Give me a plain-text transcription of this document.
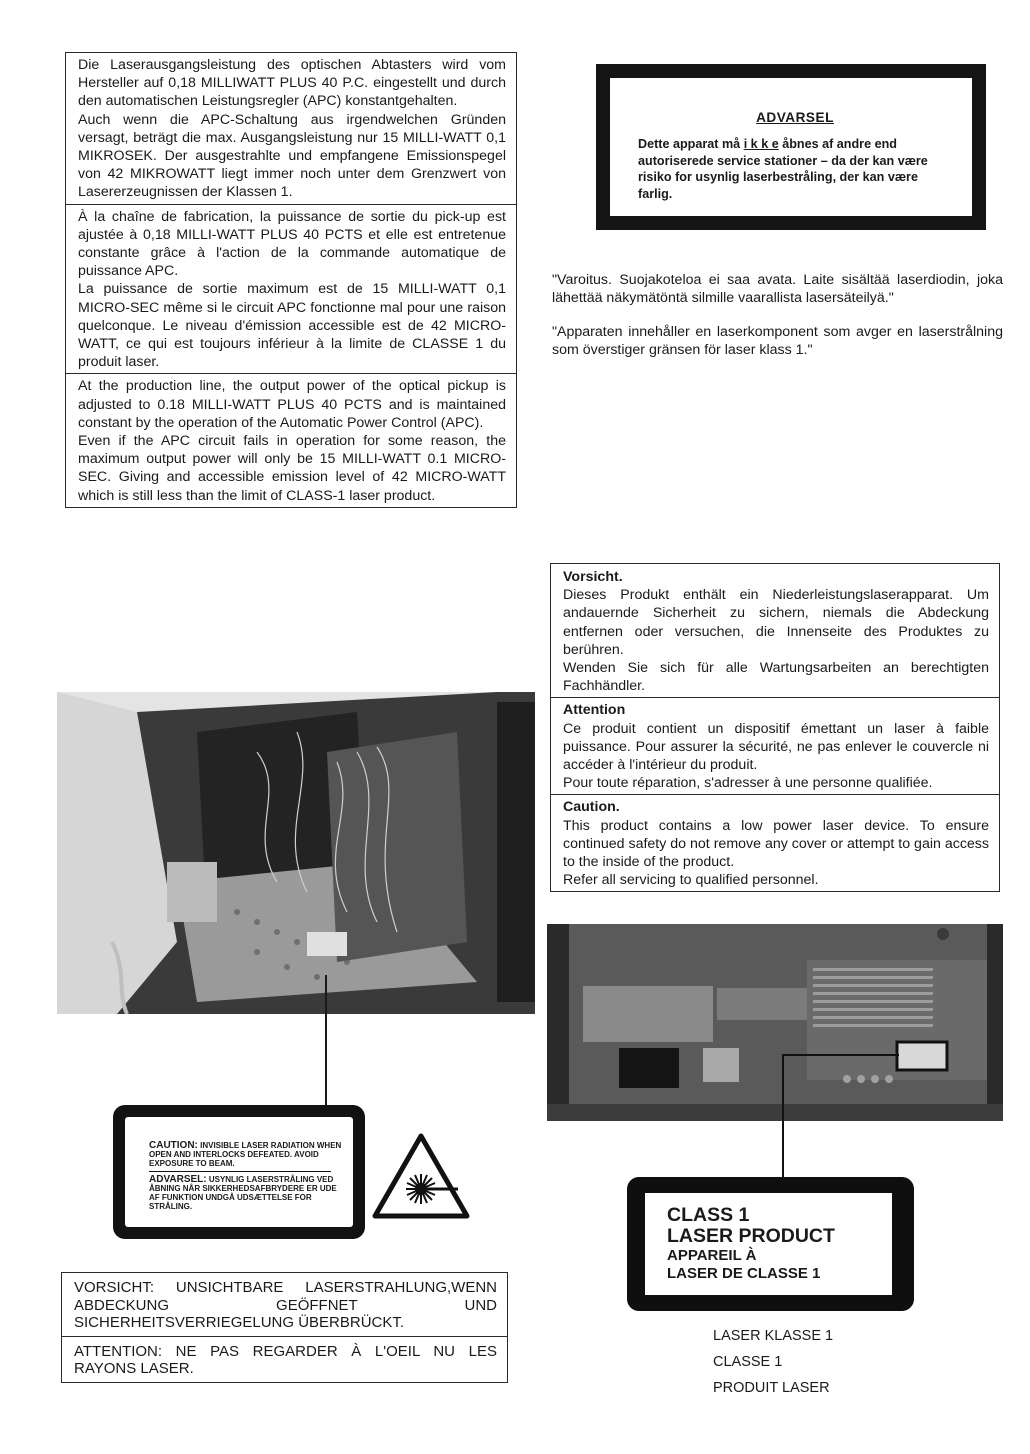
Die Laserausgangsleistung des optischen Abtasters wird vom Hersteller auf 0,18 MILLIWATT PLUS 40 P.C. eingestellt und durch den automatischen Leistungsregler (APC) konstantgehalten.
Auch wenn die APC-Schaltung aus irgendwelchen Gründen versagt, beträgt die max. Ausgangsleistung nur 15 MILLI-WATT 0,1 MIKROSEK. Der ausgestrahlte und empfangene Emissionspegel von 42 MIKROWATT liegt immer noch unter dem Grenzwert von Lasererzeugnissen der Klassen 1.
À la chaîne de fabrication, la puissance de sortie du pick-up est ajustée à 0,18 MILLI-WATT PLUS 40 PCTS et elle est entretenue constante grâce à l'action de la commande automatique de puissance APC.
La puissance de sortie maximum est de 15 MILLI-WATT 0,1 MICRO-SEC même si le circuit APC fonctionne mal pour une raison quelconque. Le niveau d'émission accessible est de 42 MICRO-WATT, ce qui est toujours inférieur à la limite de CLASSE 1 du produit laser.
At the production line, the output power of the optical pickup is adjusted to 0.18 MILLI-WATT PLUS 40 PCTS and is maintained constant by the operation of the Automatic Power Control (APC).
Even if the APC circuit fails in operation for some reason, the maximum output power will only be 15 MILLI-WATT 0.1 MICRO-SEC. Giving and accessible emission level of 42 MICRO-WATT which is still less than the limit of CLASS-1 laser product.
ADVARSEL
Dette apparat må i k k e åbnes af andre end autoriserede service stationer – da der kan være risiko for usynlig laserbestråling, der kan være farlig.
"Varoitus. Suojakoteloa ei saa avata. Laite sisältää laserdiodin, joka lähettää näkymätöntä silmille vaarallista lasersäteilyä."
"Apparaten innehåller en laserkomponent som avger en laserstrålning som överstiger gränsen för laser klass 1."
Vorsicht.
Dieses Produkt enthält ein Niederleistungslaserapparat. Um andauernde Sicherheit zu sichern, niemals die Abdeckung entfernen oder versuchen, die Innenseite des Produktes zu berühren.
Wenden Sie sich für alle Wartungsarbeiten an berechtigten Fachhändler.
Attention
Ce produit contient un dispositif émettant un laser à faible puissance. Pour assurer la sécurité, ne pas enlever le couvercle ni accéder à l'intérieur du produit.
Pour toute réparation, s'adresser à une personne qualifiée.
Caution.
This product contains a low power laser device. To ensure continued safety do not remove any cover or attempt to gain access to the inside of the product.
Refer all servicing to qualified personnel.
CAUTION: INVISIBLE LASER RADIATION WHEN OPEN AND INTERLOCKS DEFEATED. AVOID EXPOSURE TO BEAM.
ADVARSEL: USYNLIG LASERSTRÅLING VED ÅBNING NÅR SIKKERHEDSAFBRYDERE ER UDE AF FUNKTION UNDGÅ UDSÆTTELSE FOR STRÅLING.
VORSICHT: UNSICHTBARE LASERSTRAHLUNG,WENN ABDECKUNG GEÖFFNET UND SICHERHEITSVERRIEGELUNG ÜBERBRÜCKT.
ATTENTION: NE PAS REGARDER À L'OEIL NU LES RAYONS LASER.
CLASS 1
LASER PRODUCT
APPAREIL À
LASER DE CLASSE 1
LASER KLASSE 1
CLASSE 1
PRODUIT LASER
